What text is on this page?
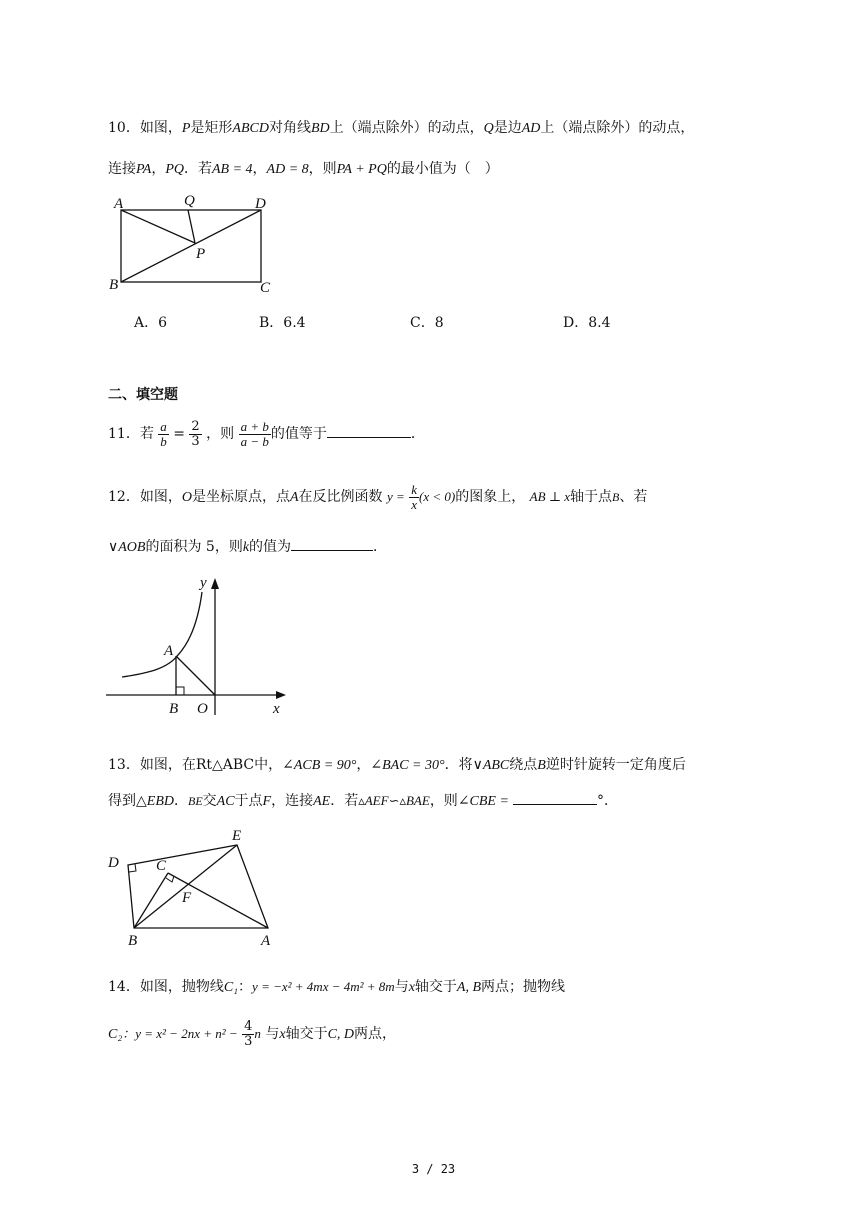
10．如图，P是矩形ABCD对角线BD上（端点除外）的动点，Q是边AD上（端点除外）的动点，
连接PA，PQ．若AB = 4，AD = 8，则PA + PQ的最小值为（　）
A	Q	D
P
B	C
A．6	B．6.4	C．8	D．8.4
二、填空题
11．若 $\frac{a}{b} = \frac{2}{3}$ ，则 $\frac{a + b}{a - b}$ 的值等于	．
12．如图，O是坐标原点，点A在反比例函数 $y = \frac{k}{x} (x < 0)$的图象上， AB ⊥ x轴于点B、若
∨AOB的面积为 5，则k的值为	．
y
A
B O	x
13．如图，在Rt△ABC中，∠ACB = 90°，∠BAC = 30°．将∨ABC绕点B逆时针旋转一定角度后
得到△EBD．BE交AC于点F，连接AE．若▵AEF∽▵BAE，则∠CBE =	°．
E
D C
F
B	A
14．如图，抛物线C₁：y = −x² + 4mx − 4m² + 8m与x轴交于A, B两点；抛物线
C₂：$y = x^2 - 2nx + n^2 - \frac{4}{3}$ n 与x轴交于C, D两点，
3 / 23
